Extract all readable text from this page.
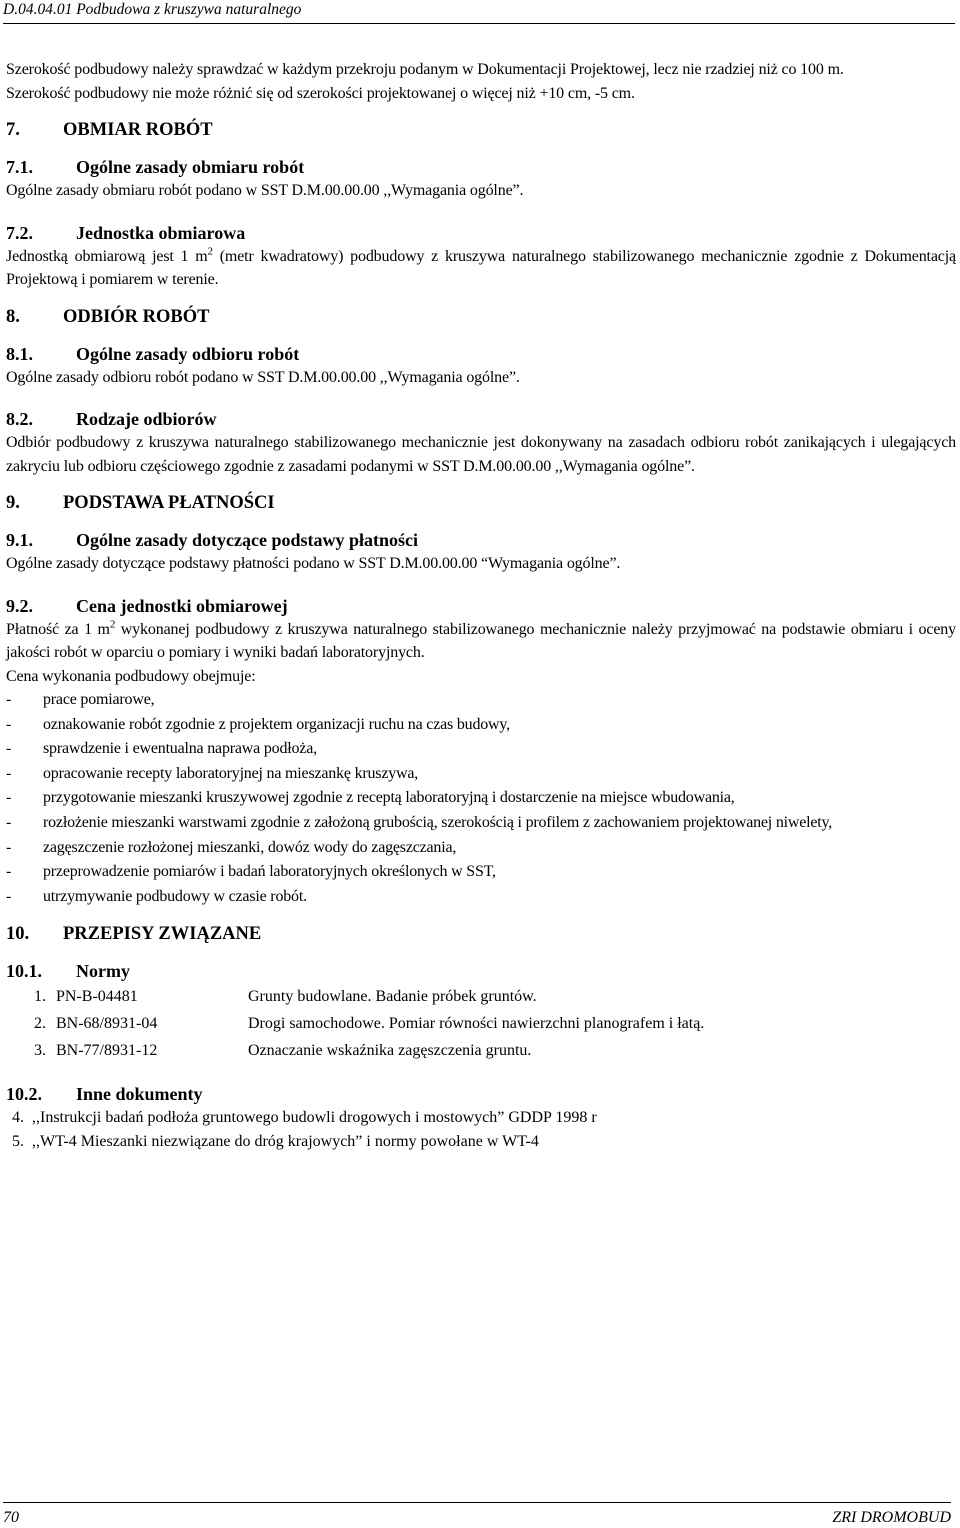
D.04.04.01 Podbudowa z kruszywa naturalnego

Szerokość podbudowy należy sprawdzać w każdym przekroju podanym w Dokumentacji Projektowej, lecz nie rzadziej niż co 100 m.

Szerokość podbudowy nie może różnić się od szerokości projektowanej o więcej niż +10 cm, -5 cm.

7. OBMIAR ROBÓT

7.1. Ogólne zasady obmiaru robót

Ogólne zasady obmiaru robót podano w SST D.M.00.00.00 ,,Wymagania ogólne”.

7.2. Jednostka obmiarowa

Jednostką obmiarową jest 1 $m^2$ (metr kwadratowy) podbudowy z kruszywa naturalnego stabilizowanego mechanicznie zgodnie z Dokumentacją Projektową i pomiarem w terenie.

8. ODBIÓR ROBÓT

8.1. Ogólne zasady odbioru robót

Ogólne zasady odbioru robót podano w SST D.M.00.00.00 ,,Wymagania ogólne”.

8.2. Rodzaje odbiorów

Odbiór podbudowy z kruszywa naturalnego stabilizowanego mechanicznie jest dokonywany na zasadach odbioru robót zanikających i ulegających zakryciu lub odbioru częściowego zgodnie z zasadami podanymi w SST D.M.00.00.00 ,,Wymagania ogólne”.

9. PODSTAWA PŁATNOŚCI

9.1. Ogólne zasady dotyczące podstawy płatności

Ogólne zasady dotyczące podstawy płatności podano w SST D.M.00.00.00 “Wymagania ogólne”.

9.2. Cena jednostki obmiarowej

Płatność za 1 $m^2$ wykonanej podbudowy z kruszywa naturalnego stabilizowanego mechanicznie należy przyjmować na podstawie obmiaru i oceny jakości robót w oparciu o pomiary i wyniki badań laboratoryjnych.

Cena wykonania podbudowy obejmuje:

- prace pomiarowe,
- oznakowanie robót zgodnie z projektem organizacji ruchu na czas budowy,
- sprawdzenie i ewentualna naprawa podłoża,
- opracowanie recepty laboratoryjnej na mieszankę kruszywa,
- przygotowanie mieszanki kruszywowej zgodnie z receptą laboratoryjną i dostarczenie na miejsce wbudowania,
- rozłożenie mieszanki warstwami zgodnie z założoną grubością, szerokością i profilem z zachowaniem projektowanej niwelety,
- zagęszczenie rozłożonej mieszanki, dowóz wody do zagęszczania,
- przeprowadzenie pomiarów i badań laboratoryjnych określonych w SST,
- utrzymywanie podbudowy w czasie robót.

10. PRZEPISY ZWIĄZANE

10.1. Normy

1. PN-B-04481	Grunty budowlane. Badanie próbek gruntów.
2. BN-68/8931-04	Drogi samochodowe. Pomiar równości nawierzchni planografem i łatą.
3. BN-77/8931-12	Oznaczanie wskaźnika zagęszczenia gruntu.

10.2. Inne dokumenty

4. ,,Instrukcji badań podłoża gruntowego budowli drogowych i mostowych” GDDP 1998 r
5. ,,WT-4 Mieszanki niezwiązane do dróg krajowych” i normy powołane w WT-4
70	ZRI DROMOBUD
